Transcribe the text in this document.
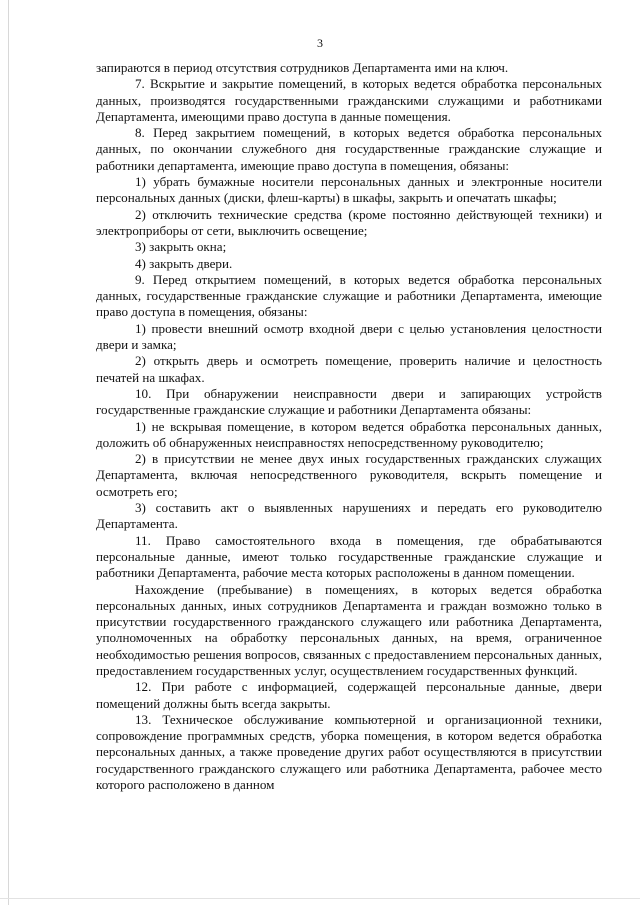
3

запираются в период отсутствия сотрудников Департамента ими на ключ.

7. Вскрытие и закрытие помещений, в которых ведется обработка персональных данных, производятся государственными гражданскими служащими и работниками Департамента, имеющими право доступа в данные помещения.

8. Перед закрытием помещений, в которых ведется обработка персональных данных, по окончании служебного дня государственные гражданские служащие и работники департамента, имеющие право доступа в помещения, обязаны:

1) убрать бумажные носители персональных данных и электронные носители персональных данных (диски, флеш-карты) в шкафы, закрыть и опечатать шкафы;

2) отключить технические средства (кроме постоянно действующей техники) и электроприборы от сети, выключить освещение;

3) закрыть окна;

4) закрыть двери.

9. Перед открытием помещений, в которых ведется обработка персональных данных, государственные гражданские служащие и работники Департамента, имеющие право доступа в помещения, обязаны:

1) провести внешний осмотр входной двери с целью установления целостности двери и замка;

2) открыть дверь и осмотреть помещение, проверить наличие и целостность печатей на шкафах.

10. При обнаружении неисправности двери и запирающих устройств государственные гражданские служащие и работники Департамента обязаны:

1) не вскрывая помещение, в котором ведется обработка персональных данных, доложить об обнаруженных неисправностях непосредственному руководителю;

2) в присутствии не менее двух иных государственных гражданских служащих Департамента, включая непосредственного руководителя, вскрыть помещение и осмотреть его;

3) составить акт о выявленных нарушениях и передать его руководителю Департамента.

11. Право самостоятельного входа в помещения, где обрабатываются персональные данные, имеют только государственные гражданские служащие и работники Департамента, рабочие места которых расположены в данном помещении.

Нахождение (пребывание) в помещениях, в которых ведется обработка персональных данных, иных сотрудников Департамента и граждан возможно только в присутствии государственного гражданского служащего или работника Департамента, уполномоченных на обработку персональных данных, на время, ограниченное необходимостью решения вопросов, связанных с предоставлением персональных данных, предоставлением государственных услуг, осуществлением государственных функций.

12. При работе с информацией, содержащей персональные данные, двери помещений должны быть всегда закрыты.

13. Техническое обслуживание компьютерной и организационной техники, сопровождение программных средств, уборка помещения, в котором ведется обработка персональных данных, а также проведение других работ осуществляются в присутствии государственного гражданского служащего или работника Департамента, рабочее место которого расположено в данном
